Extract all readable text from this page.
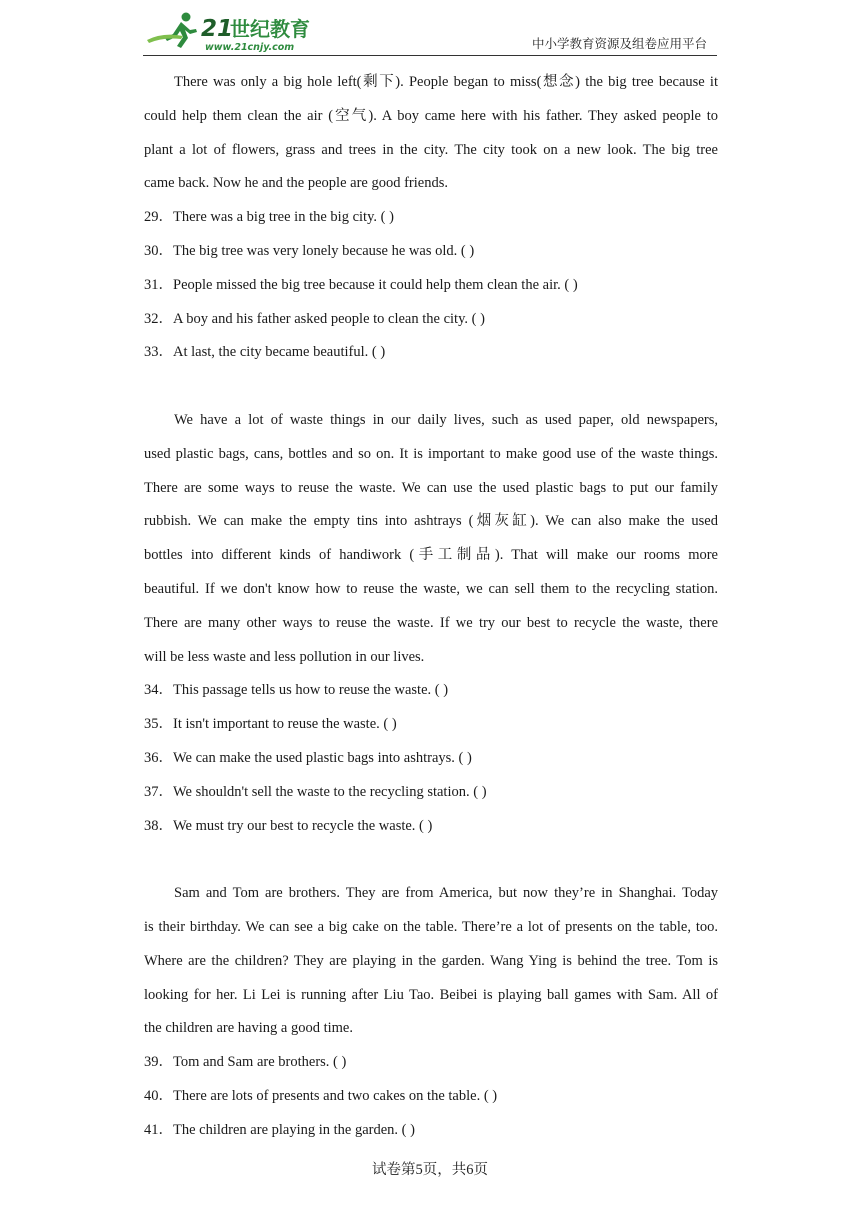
21
世纪教育
www.21cnjy.com	中小学教育资源及组卷应用平台
There was only a big hole left(剩下). People began to miss(想念) the big tree because it
could help them clean the air (空气). A boy came here with his father. They asked people to
plant a lot of flowers, grass and trees in the city. The city took on a new look. The big tree
came back. Now he and the people are good friends.
29． There was a big tree in the big city. ( )
30． The big tree was very lonely because he was old. ( )
31． People missed the big tree because it could help them clean the air. ( )
32． A boy and his father asked people to clean the city. ( )
33． At last, the city became beautiful. ( )
We have a lot of waste things in our daily lives, such as used paper, old newspapers,
used plastic bags, cans, bottles and so on. It is important to make good use of the waste things.
There are some ways to reuse the waste. We can use the used plastic bags to put our family
rubbish. We can make the empty tins into ashtrays (烟灰缸). We can also make the used
bottles into different kinds of handiwork (手工制品). That will make our rooms more
beautiful. If we don't know how to reuse the waste, we can sell them to the recycling station.
There are many other ways to reuse the waste. If we try our best to recycle the waste, there
will be less waste and less pollution in our lives.
34． This passage tells us how to reuse the waste. ( )
35． It isn't important to reuse the waste. ( )
36． We can make the used plastic bags into ashtrays. ( )
37． We shouldn't sell the waste to the recycling station. ( )
38． We must try our best to recycle the waste. ( )
Sam and Tom are brothers. They are from America, but now they’re in Shanghai. Today
is their birthday. We can see a big cake on the table. There’re a lot of presents on the table, too.
Where are the children? They are playing in the garden. Wang Ying is behind the tree. Tom is
looking for her. Li Lei is running after Liu Tao. Beibei is playing ball games with Sam. All of
the children are having a good time.
39． Tom and Sam are brothers. ( )
40． There are lots of presents and two cakes on the table. ( )
41． The children are playing in the garden. ( )
试卷第5页，共6页
